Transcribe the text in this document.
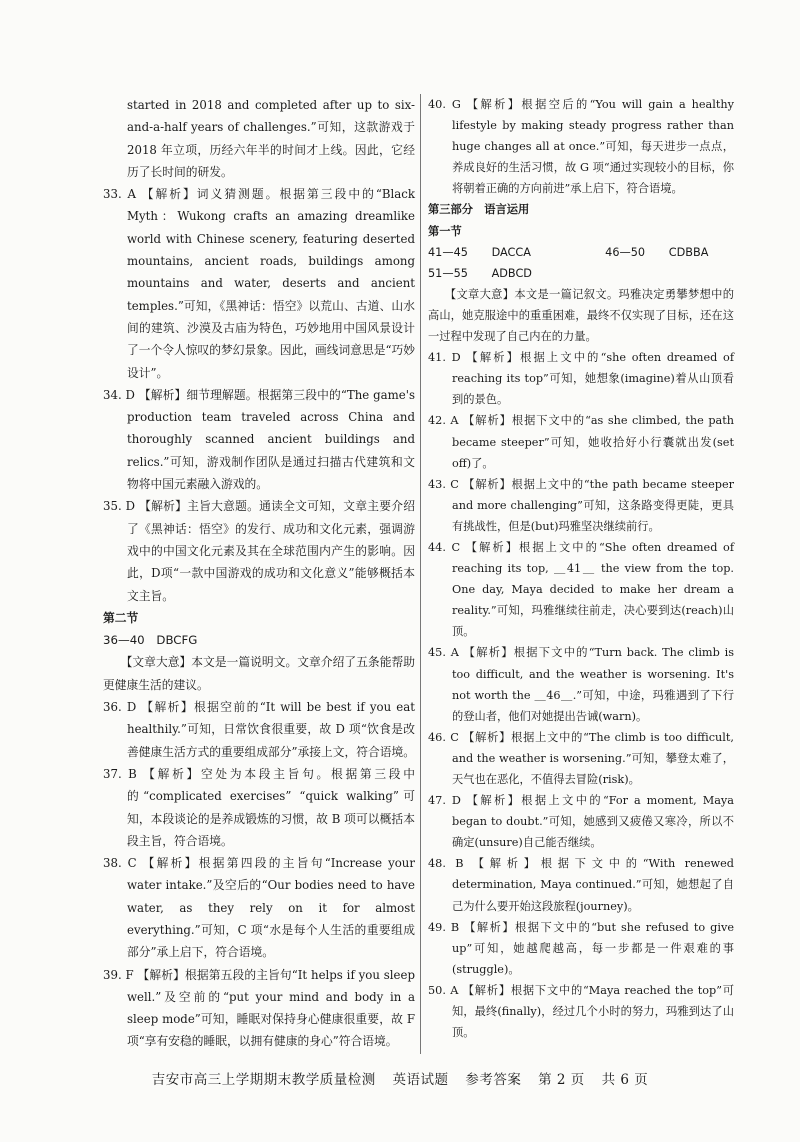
started in 2018 and completed after up to six-and-a-half years of challenges.”可知，这款游戏于 2018 年立项，历经六年半的时间才上线。因此，它经历了长时间的研发。

33. A 【解析】词义猜测题。根据第三段中的“Black Myth：Wukong crafts an amazing dreamlike world with Chinese scenery, featuring deserted mountains, ancient roads, buildings among mountains and water, deserts and ancient temples.”可知，《黑神话：悟空》以荒山、古道、山水间的建筑、沙漠及古庙为特色，巧妙地用中国风景设计了一个令人惊叹的梦幻景象。因此，画线词意思是“巧妙设计”。

34. D 【解析】细节理解题。根据第三段中的“The game's production team traveled across China and thoroughly scanned ancient buildings and relics.”可知，游戏制作团队是通过扫描古代建筑和文物将中国元素融入游戏的。

35. D 【解析】主旨大意题。通读全文可知，文章主要介绍了《黑神话：悟空》的发行、成功和文化元素，强调游戏中的中国文化元素及其在全球范围内产生的影响。因此，D项“一款中国游戏的成功和文化意义”能够概括本文主旨。

第二节

36—40　DBCFG

【文章大意】本文是一篇说明文。文章介绍了五条能帮助更健康生活的建议。

36. D 【解析】根据空前的“It will be best if you eat healthily.”可知，日常饮食很重要，故 D 项“饮食是改善健康生活方式的重要组成部分”承接上文，符合语境。

37. B 【解析】空处为本段主旨句。根据第三段中的“complicated exercises” “quick walking”可知，本段谈论的是养成锻炼的习惯，故 B 项可以概括本段主旨，符合语境。

38. C 【解析】根据第四段的主旨句“Increase your water intake.”及空后的“Our bodies need to have water, as they rely on it for almost everything.”可知，C 项“水是每个人生活的重要组成部分”承上启下，符合语境。

39. F 【解析】根据第五段的主旨句“It helps if you sleep well.”及空前的“put your mind and body in a sleep mode”可知，睡眠对保持身心健康很重要，故 F 项“享有安稳的睡眠，以拥有健康的身心”符合语境。

40. G 【解析】根据空后的“You will gain a healthy lifestyle by making steady progress rather than huge changes all at once.”可知，每天进步一点点，养成良好的生活习惯，故 G 项“通过实现较小的目标，你将朝着正确的方向前进”承上启下，符合语境。

第三部分　语言运用

第一节

41—45 DACCA	46—50 CDBBA

51—55 ADBCD

【文章大意】本文是一篇记叙文。玛雅决定勇攀梦想中的高山，她克服途中的重重困难，最终不仅实现了目标，还在这一过程中发现了自己内在的力量。

41. D 【解析】根据上文中的“she often dreamed of reaching its top”可知，她想象(imagine)着从山顶看到的景色。

42. A 【解析】根据下文中的“as she climbed, the path became steeper”可知，她收拾好小行囊就出发(set off)了。

43. C 【解析】根据上文中的“the path became steeper and more challenging”可知，这条路变得更陡，更具有挑战性，但是(but)玛雅坚决继续前行。

44. C 【解析】根据上文中的“She often dreamed of reaching its top, ＿41＿ the view from the top. One day, Maya decided to make her dream a reality.”可知，玛雅继续往前走，决心要到达(reach)山顶。

45. A 【解析】根据下文中的“Turn back. The climb is too difficult, and the weather is worsening. It's not worth the ＿46＿.”可知，中途，玛雅遇到了下行的登山者，他们对她提出告诫(warn)。

46. C 【解析】根据上文中的“The climb is too difficult, and the weather is worsening.”可知，攀登太难了，天气也在恶化，不值得去冒险(risk)。

47. D 【解析】根据上文中的“For a moment, Maya began to doubt.”可知，她感到又疲倦又寒冷，所以不确定(unsure)自己能否继续。

48. B 【解析】根据下文中的“With renewed determination, Maya continued.”可知，她想起了自己为什么要开始这段旅程(journey)。

49. B 【解析】根据下文中的“but she refused to give up”可知，她越爬越高，每一步都是一件艰难的事(struggle)。

50. A 【解析】根据下文中的“Maya reached the top”可知，最终(finally)，经过几个小时的努力，玛雅到达了山顶。

吉安市高三上学期期末教学质量检测 英语试题 参考答案 第 2 页 共 6 页
